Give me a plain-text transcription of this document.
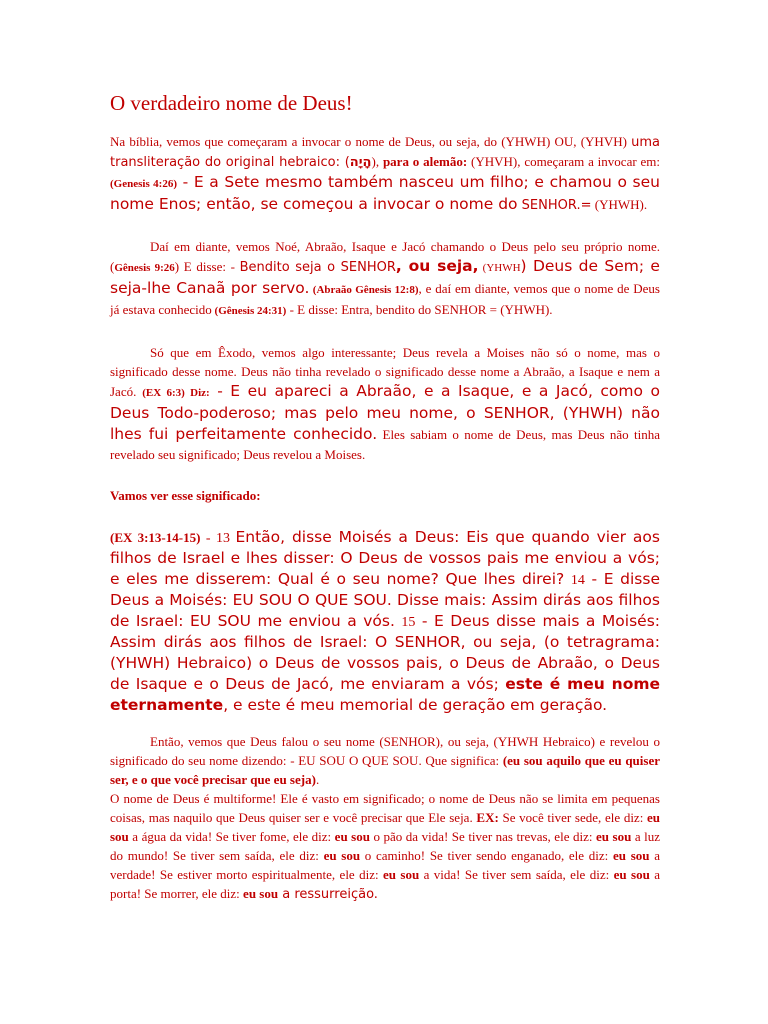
O verdadeiro nome de Deus!

Na bíblia, vemos que começaram a invocar o nome de Deus, ou seja, do (YHWH) OU, (YHVH) uma transliteração do original hebraico: (הָיָה), para o alemão: (YHVH), começaram a invocar em: (Genesis 4:26) - E a Sete mesmo também nasceu um filho; e chamou o seu nome Enos; então, se começou a invocar o nome do SENHOR.= (YHWH).

Daí em diante, vemos Noé, Abraão, Isaque e Jacó chamando o Deus pelo seu próprio nome. (Gênesis 9:26) E disse: - Bendito seja o SENHOR, ou seja, (YHWH) Deus de Sem; e seja-lhe Canaã por servo. (Abraão Gênesis 12:8), e daí em diante, vemos que o nome de Deus já estava conhecido (Gênesis 24:31) - E disse: Entra, bendito do SENHOR = (YHWH).

Só que em Êxodo, vemos algo interessante; Deus revela a Moises não só o nome, mas o significado desse nome. Deus não tinha revelado o significado desse nome a Abraão, a Isaque e nem a Jacó. (EX 6:3) Diz: - E eu apareci a Abraão, e a Isaque, e a Jacó, como o Deus Todo-poderoso; mas pelo meu nome, o SENHOR, (YHWH) não lhes fui perfeitamente conhecido. Eles sabiam o nome de Deus, mas Deus não tinha revelado seu significado; Deus revelou a Moises.

Vamos ver esse significado:

(EX 3:13-14-15) - 13 Então, disse Moisés a Deus: Eis que quando vier aos filhos de Israel e lhes disser: O Deus de vossos pais me enviou a vós; e eles me disserem: Qual é o seu nome? Que lhes direi? 14 - E disse Deus a Moisés: EU SOU O QUE SOU. Disse mais: Assim dirás aos filhos de Israel: EU SOU me enviou a vós. 15 - E Deus disse mais a Moisés: Assim dirás aos filhos de Israel: O SENHOR, ou seja, (o tetragrama: (YHWH) Hebraico) o Deus de vossos pais, o Deus de Abraão, o Deus de Isaque e o Deus de Jacó, me enviaram a vós; este é meu nome eternamente, e este é meu memorial de geração em geração.

Então, vemos que Deus falou o seu nome (SENHOR), ou seja, (YHWH Hebraico) e revelou o significado do seu nome dizendo: - EU SOU O QUE SOU. Que significa: (eu sou aquilo que eu quiser ser, e o que você precisar que eu seja).

O nome de Deus é multiforme! Ele é vasto em significado; o nome de Deus não se limita em pequenas coisas, mas naquilo que Deus quiser ser e você precisar que Ele seja. EX: Se você tiver sede, ele diz: eu sou a água da vida! Se tiver fome, ele diz: eu sou o pão da vida! Se tiver nas trevas, ele diz: eu sou a luz do mundo! Se tiver sem saída, ele diz: eu sou o caminho! Se tiver sendo enganado, ele diz: eu sou a verdade! Se estiver morto espiritualmente, ele diz: eu sou a vida! Se tiver sem saída, ele diz: eu sou a porta! Se morrer, ele diz: eu sou a ressurreição.
